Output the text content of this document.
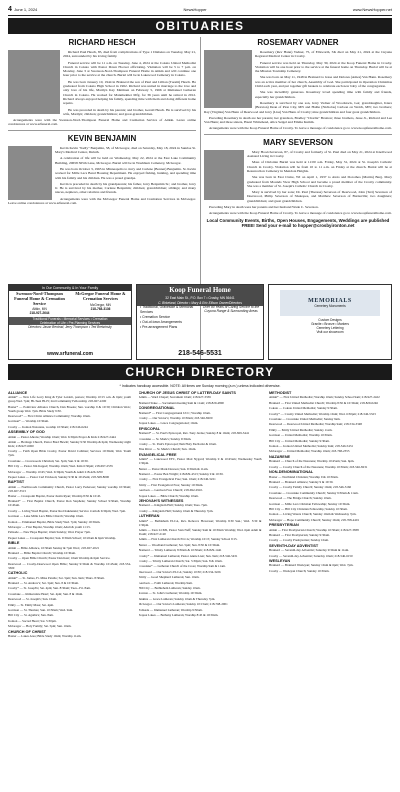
4 June 1, 2024	NewsHopper	www.NewsHopper.net
OBITUARIES
RICHARD HESCH

Richard Paul Hesch, 85, died from complications of Type 1 Diabetes on Tuesday, May 21, 2024, surrounded by his loving family.

Funeral service will be 11 a.m. on Tuesday, June 4, 2024 at the Cokato United Methodist Church in Cokato with Pastor Dawn Hoover officiating. Visitation will be 5 to 7 p.m. on Monday, June 3 at Swenson-Nord-Thompson Funeral Home in Aitkin and will continue one hour prior to the service at the church. Burial will be in Lakewood Cemetery in Cokato.

He was born January 10, 1944 in Brainerd the son of Paul and Lillian (Tuomi) Hesch. He graduated from Cokato High School in 1962. Richard was united in marriage to the love and only love of his life, Marilyn Kay Mattinen on February 5, 1966 at Immanuel Lutheran Church in Cokato. He worked for Mannheimer Mfg. for 36 years until he retired in 2012. Richard always enjoyed helping his family, spending time with them and doing different home repairs.

He was preceded in death by his parents; and brother, Gerald Hesch. He is survived by his wife, Marilyn; children; grandchildren; and great-grandchildren.

Arrangements were with the Swenson-Nord-Thompson Funeral Home and Cremation Service of Aitkin. Leave online condolences at www.srfuneral.com.

KEVIN BENJAMIN

Kevin Kevin "Kelly" Benjamin, 58, of McGregor, died on Saturday, May 18, 2024 in Sunrise St. Mary's Medical Center, Duluth.

A celebration of life will be held on Wednesday, May 22, 2024 at the East Lake Community Building, 20658 365th Lane, McGregor. Burial will be in Washburn Cemetery, McGregor.

He was born October 3, 1965 in Minneapolis to Jerry and Carlene (Bonnet) Benjamin. Sr. Kevin worked for Mille Lacs Band Housing Department. He enjoyed fishing, hunting, and spending time with his family and his children. He was a proud grandpa.

Kevin is preceded in death by his grandparents; his father, Jerry Benjamin Sr.; and brother, Jerry Jr. He is survived by his mother, Carlene Benjamin; children; grandchildren; siblings; and many nieces, nephews, other relatives and friends.

Arrangements were with the McGregor Funeral Home and Cremation Services in McGregor. Leave online condolences at www.srfuneral.com.

ROSEMARY VADNER

Rosemary (Rev Hann) Vadner, 75, of Ellsworth, SK died on May 21, 2024 at the Cuyuna Regional Medical Center in Crosby.

Funeral service was held on Thursday, May 30, 2024 at the Koop Funeral Home in Crosby. Visitation will be one hour prior to the service at the funeral home on Thursday. Burial will be at the Mission Township Cemetery.

She was born on May 11, 1948 in Brainerd to Jesse and Delores (Ames) Van Hann. Rosemary was an active member of her church, Assembly of God. She participated in Operation Christmas Child each year, and put together gift baskets to celebrate each new baby of the congregation.

She was incredibly generous. Rosemary loved spending time with family and friends, especially her grandchildren.

Rosemary is survived by one son, Jerry Vadner of Woodstock, GA; granddaughter, Kiera (Braxton) Dean of Pion City, MN and Hailie (Nicholas) Carlson on Welch, MN; two brothers; Ray (Virginia) Van Hann of Deerwood and Jerry (Lisa) Van Hann of Crosby; nine grandchildren and four great grandchildren.

Preceding Rosemary in death are her parents; her grandson, Bradley "Charlie" Braxton; three brothers, Jesse Jr., Richard and Lee Van Hann; and three sisters, Hazel Whitehead, Alice Seigel and Emma Kumm.

Arrangements were with the Koop Funeral Home of Crosby. To leave a message of condolence go to www.koopfuneralhome.com.

MARY SEVERSON

Mary Hood-Severson, 87, of Crosby and formerly of St. Paul died on May 21, 2024 at Knollwood Assisted Living in Crosby.

Mass of Christian Burial was held at 11:00 a.m. Friday, May 31, 2024 at St. Joseph's Catholic Church in Crosby. Visitation will be from 10 to 11 a.m. on Friday at the church. Burial will be at Resurrection Cemetery in Mendota Heights.

She was born in East Claire, WI on April 1, 1937 to Alois and Dorothea (Martin) Berg. Mary graduated from Mounds View High School and became a proud member of the Crosby community. She was a member of St. Joseph's Catholic Church in Crosby.

Mary is survived by her sons; Dr. Paul (Theresa) Severson of Deerwood, John (Teri) Severson of Deerwood, Philip Severson of Shakopee, and Matthew Severson of Burnsville; two daughters; grandchildren; and great grandchildren.

Preceding Mary in death were her parents and her husband Wade C. Severson.

Arrangements were with the Koop Funeral Home of Crosby. To leave a message of condolence go to www.koopfuneralhome.com.

Local Community Events, Births, Open Houses, Engagements, Weddings are published FREE! Send your e-mail to hopper@crosbyironton.net
In Our Community & In Your Family
Swenson-Nord-Thompson Funeral Home & Cremation Service
Aitkin, MN
218-927-2644
McGregor Funeral Home & Cremation Services
McGregor, MN
218-768-3136
Traditional Funerals • Memorial Services • Cremation
Celebration of Life • Pre-Planning Services
Directors: Jason Bentrud, Jerry Thompson • Ted Bretzinsky
www.srfuneral.com
Koop Funeral Home
32 East Main St., P.O. Box 7 • Crosby, MN 56441
C. Birkeland, Director • Mary & Eric Ellison Owner/Directors
• Traditional, Graveside & Memorial Services
• Cremation Service
• Out-of-town Arrangements
• Pre-arrangement Plans
Over 90 Years of Caring Service to the Cuyuna Range & Surrounding Areas
218-546-5531
MEMORIALS
Cemetery Monuments
Custom Designs
Granite • Bronze • Markers
Cemetery Lettering
Visit our showroom
CHURCH DIRECTORY
* Indicates handicap accessible. NOTE: All times are Sunday morning (a.m.) unless indicated otherwise.
ALLIANCE
Aitkin* — New Life Lorry King & Tyler Loidolt, pastors; Worship 10:15 a.m. & 6pm; youth group Wed. 7pm; Hi-Teen Hi-Fi; 2nd Community Fellowship; 218-927-2200
Baxter* — Pointview Alliance Church, Dan Brooks; Sun. worship 9 & 10:30; Children Wed.; Youth group Wed. 7pm. Bible Study 9:30.
Deerwood* — First Christ Alliance Community; Worship 10am.
Garrison* — Worship 10:30am.
Crosby — Ironton Nazarene, worship 10:30am; 218-546-6244
ASSEMBLY OF GOD
Aitkin — Pastor Ahrens; Worship 10am; Wed. 6:30pm Prayer & Kids 218-927-2444
Aitkin — Heritage Church, Pastor Brad Hewitt; Sunday 9:30 Worship & 6pm; Wednesday night Kids; 218-927-6000
Crosby — Faith Open Bible Crosby, Pastor David Collman; Services 10:30am; Wed. Youth 7pm.
Crosslake — Crosswoods Christian; Sat. 5pm; Sun. 9 & 10:30.
Hill City — Pastor Jim Kappel; Worship 10am; Wed. Kids 6:30pm; 218-697-2535
McGregor — Worship 10:45; Wed. 6:30pm; Youth & Adult 218-426-3250
Pequot Lakes — Pastor Carl Erickson; Sunday 9:30 & 10:45am; 218-568-8000
BAPTIST
Aitkin — Northwoods Community Church, Pastor Larry Pederson; Sunday worship 10:30am; 218-927-3515
Baxter — Crosspoint Baptist, Pastor Justin Ryan; Worship 8:30 & 10:45.
Brainerd* — First Baptist Church, Pastor Ron Stephens; Sunday School 9:30am, Worship 10:45am.
Crosby — Living Word Baptist, Pastor Rod Kuklenski; Service 11am & 6:30pm; Wed. 7pm.
Garrison — Lake Mille Lacs Bible Church; Worship 10am.
Ironton — Emmanuel Baptist, Bible Study Wed. 7pm; Sunday 10:30am.
McGregor — First Baptist, Worship 10am; Adult & youth 11:15.
Palisade — New Hope Baptist; 10am Sunday; Wed. Prayer 7pm.
Pequot Lakes — Crosspoint Baptist; Sun. 9:30am School; 10:45am & 6pm Worship.
BIBLE
Aitkin — Bible Alliance, 10:30am Sunday & 7pm Wed.; 218-927-2021
Brainerd — Bible Baptist Church; Worship 10:30am.
Crosby — Open Bible Church; Pastor Dan Kast; 10am Worship & 6pm Service.
Deerwood — Crosby-Deerwood Open Bible; Sunday 9:30am & Worship 10:45am; 218-534-3300
CATHOLIC
Aitkin* — St. James, Fr. Mike Patullo; Sat. 5pm; Sun. 9am; Thurs. 8:30am.
Brainerd — St. Andrew's; Sat. 5pm; Sun. 8 & 10:30am.
Crosby* — St. Joseph's; Sat. 4pm; Sun. 8:30am; Tues.–Fri. 8am.
Crosslake — Immaculate Heart; Sat. 4pm; Sun. 8 & 10am.
Deerwood — St. Joseph's; Sun. 10am.
Emily — St. Emily Mass; Sat. 4pm.
Garrison — St. Thomas; Sun. 10:30am; Wed. 9am.
Hill City — St. Agatha's; Sun. 8am.
Ironton — Sacred Heart; Sat. 5:30pm.
McGregor — Holy Family; Sat. 5pm; Sun. 10am.
CHURCH OF CHRIST
Baxter — Lakes Area; Bible Study 10am; Worship 11am.
CHURCH OF JESUS CHRIST OF LATTER-DAY SAINTS
Aitkin — Ward Chapel; Sacrament 10am; 218-927-3339
Brainerd Stake — Sacrament meeting 9am & 11am; 218-829-4800
CONGREGATIONAL
Brainerd* — First Congregational UCC; Worship 10am.
Crosby — Our Savior's; Worship 10:30am; 218-546-8200
Pequot Lakes — Grace Congregational; 10am.
EPISCOPAL
Brainerd* — St. Paul's Episcopal, Rev. Tony Jerdee; Sunday 8 & 10am; 218-829-3441
Crosslake — St. Mark's; Sunday 9:30am.
Crosby — St. Paul's Episcopal; 8am Holy Eucharist & 10am.
Pine River — St. Mark's Church; Sun. 10am.
EVANGELICAL FREE
Aitkin* — Lakewood EFC, Pastor Matt Nygard; Worship 9 & 10:45am; Wednesday Youth 6:30pm.
Baxter — Pastor Mark Dawson; Sun. 9:30am & 11am.
Brainerd — Pastor Ben Wright; 218-829-4313; Sunday 9 & 10:30.
Crosby — First Evangelical Free; Sun. 10am; 218-546-5221
Emily — First Evangelical Free; Sunday 10:30am.
Garrison — Garrison Free Church; 218-692-2910.
Pequot Lakes — Bible Church; Worship 10am.
JEHOVAH'S WITNESSES
Brainerd — Kingdom Hall; Sunday 10am; Tues. 7pm.
Crosby — Kingdom Hall; Sunday 10am & Thursday 7pm.
LUTHERAN
Aitkin* — Bethlehem ELCA, Rev. Rebecca Hoverson; Worship 9:30 Sun.; Wed. 5:30 & 6:30pm.
Aitkin — Zion LCMS, Pastor Stan Neff; Sunday 9am & 10:30am Worship; Wed. 6pm Adult & Youth; 218-927-2120
Aitkin — First Lutheran Church ELCA; Worship 10:15; Sunday School 9:15.
Baxter — Woodland Lutheran; Sat. 5pm; Sun. 8:30 & 10:30am.
Brainerd — Trinity Lutheran; 8:30am & 10:30am; 218-829-1441
Crosby* — Immanuel Lutheran; Pastor Annie Lien; Sun. 9am; 218-546-5431
Crosby — Trinity Lutheran Church; Sat. 5:30pm; Sun. 8 & 10am.
Crosslake* — Lutheran Church of the Cross; Worship 9am & 11am.
Deerwood — Our Savior's ELCA; Sunday 10:30; 218-534-3226
Emily — Good Shepherd Lutheran; Sun. 10am.
Garrison — Faith Lutheran; Worship 9am.
Hill City — Bethlehem Lutheran; Sunday 10am.
Ironton — St. John's Lutheran; Worship 10:30am.
Jenkins — Grace Lutheran; Sunday 10am & Thursday 7pm.
McGregor — Our Savior's Lutheran; Sunday 10:15am; 218-768-2901
Palisade — Immanuel Lutheran; Worship 9:30am.
Pequot Lakes — Bethany Lutheran; Worship 8:45 & 10:30am.
METHODIST
Aitkin* — First United Methodist; Worship 10am; Sunday School 9am; 218-927-2422
Brainerd — First United Methodist Church; Worship 8:30 & 10:30am; 218-829-0246
Cokato — Cokato United Methodist; Sunday 9:30am.
Crosby* — Crosby United Methodist; Worship 10am; Wed. 6:30pm; 218-546-5323
Crosslake — Crosslake United Methodist; Sunday 9am.
Deerwood — Deerwood United Methodist; Worship 9am; 218-534-3348
Emily — Emily United Methodist; Sunday 11am.
Garrison — United Methodist; Worship 10:30am.
Hill City — United Methodist; Sunday 9:30am.
Ironton — Ironton United Methodist; Sunday 9am; 218-546-5431
McGregor — United Methodist; Worship 10am; 218-768-2355
NAZARENE
Brainerd — Church of the Nazarene; Worship 10:45am; Sun. 6pm.
Crosby — Crosby Church of the Nazarene; Worship 10:30am; 218-546-8231
NON-DENOMINATIONAL
Baxter — Northland Christian; Worship 9 & 10:30am.
Brainerd — Brainerd Alliance; Sunday 9 & 10:30.
Crosby — Crosby Family Church; Sunday 10am; 218-546-3160
Crosslake — Crosslake Community Church; Sunday 9:30am & 11am.
Deerwood — The Bridge Church; Sunday 10am.
Garrison — Mille Lacs Christian Fellowship; Sunday 10:30am.
Hill City — Hill City Christian Fellowship; Sunday 10:30am.
Ironton — Living Waters Church; Sunday 10am & Wednesday 7pm.
McGregor — Hope Community Church; Sunday 10am; 218-768-4401
PRESBYTERIAN
Aitkin — First Presbyterian Church; Worship 10:30am; 218-927-3838
Brainerd — First Presbyterian; Sunday 9:30am.
Crosby — Crosby Presbyterian; Sunday 10am.
SEVENTH-DAY ADVENTIST
Brainerd — Seventh-day Adventist; Saturday 9:30am & 11am.
Crosby — Seventh-day Adventist; Saturday 10am; 218-546-6150
WESLEYAN
Brainerd — Brainerd Wesleyan; Sunday 10am & 6pm; Wed. 7pm.
Crosby — Wesleyan Church; Sunday 10:30am.
